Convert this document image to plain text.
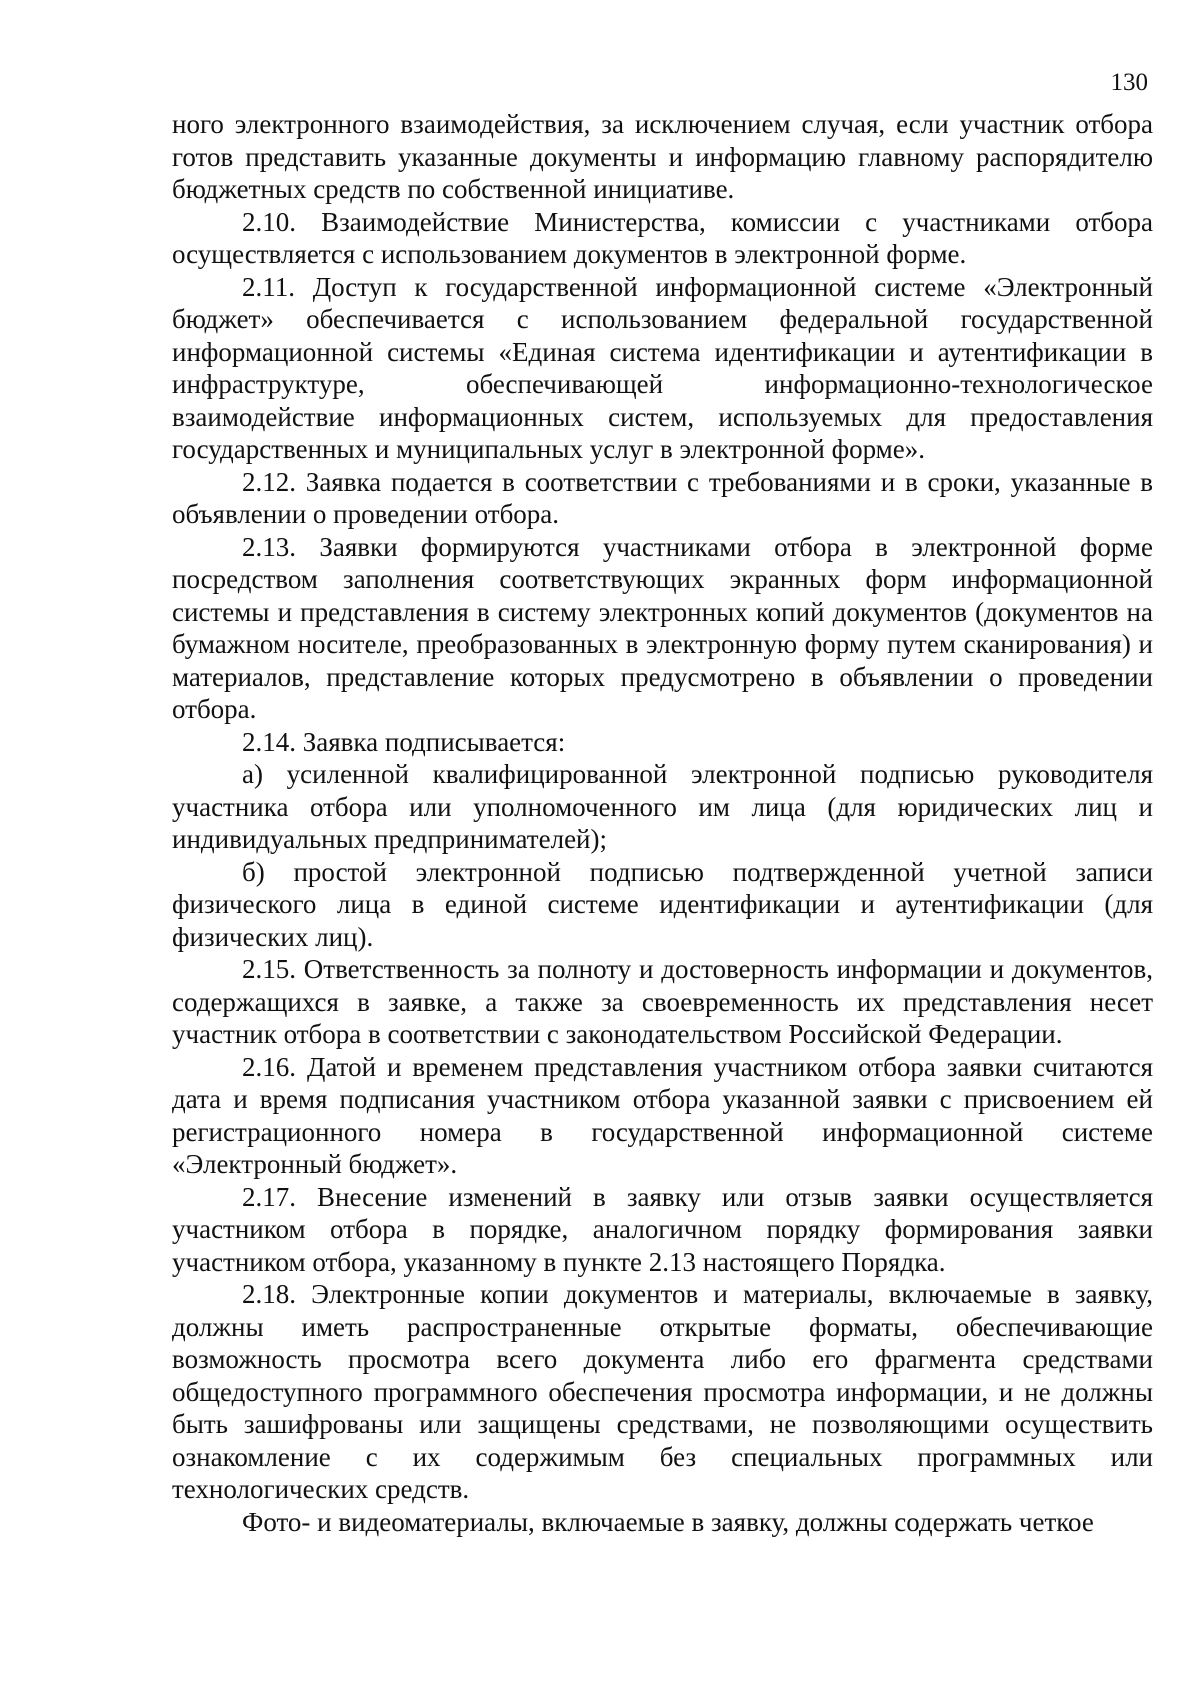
130

ного электронного взаимодействия, за исключением случая, если участник отбора готов представить указанные документы и информацию главному распорядителю бюджетных средств по собственной инициативе.

2.10. Взаимодействие Министерства, комиссии с участниками отбора осуществляется с использованием документов в электронной форме.

2.11. Доступ к государственной информационной системе «Электронный бюджет» обеспечивается с использованием федеральной государственной информационной системы «Единая система идентификации и аутентификации в инфраструктуре, обеспечивающей информационно-технологическое взаимодействие информационных систем, используемых для предоставления государственных и муниципальных услуг в электронной форме».

2.12. Заявка подается в соответствии с требованиями и в сроки, указанные в объявлении о проведении отбора.

2.13. Заявки формируются участниками отбора в электронной форме посредством заполнения соответствующих экранных форм информационной системы и представления в систему электронных копий документов (документов на бумажном носителе, преобразованных в электронную форму путем сканирования) и материалов, представление которых предусмотрено в объявлении о проведении отбора.

2.14. Заявка подписывается:

а) усиленной квалифицированной электронной подписью руководителя участника отбора или уполномоченного им лица (для юридических лиц и индивидуальных предпринимателей);

б) простой электронной подписью подтвержденной учетной записи физического лица в единой системе идентификации и аутентификации (для физических лиц).

2.15. Ответственность за полноту и достоверность информации и документов, содержащихся в заявке, а также за своевременность их представления несет участник отбора в соответствии с законодательством Российской Федерации.

2.16. Датой и временем представления участником отбора заявки считаются дата и время подписания участником отбора указанной заявки с присвоением ей регистрационного номера в государственной информационной системе «Электронный бюджет».

2.17. Внесение изменений в заявку или отзыв заявки осуществляется участником отбора в порядке, аналогичном порядку формирования заявки участником отбора, указанному в пункте 2.13 настоящего Порядка.

2.18. Электронные копии документов и материалы, включаемые в заявку, должны иметь распространенные открытые форматы, обеспечивающие возможность просмотра всего документа либо его фрагмента средствами общедоступного программного обеспечения просмотра информации, и не должны быть зашифрованы или защищены средствами, не позволяющими осуществить ознакомление с их содержимым без специальных программных или технологических средств.

Фото- и видеоматериалы, включаемые в заявку, должны содержать четкое
